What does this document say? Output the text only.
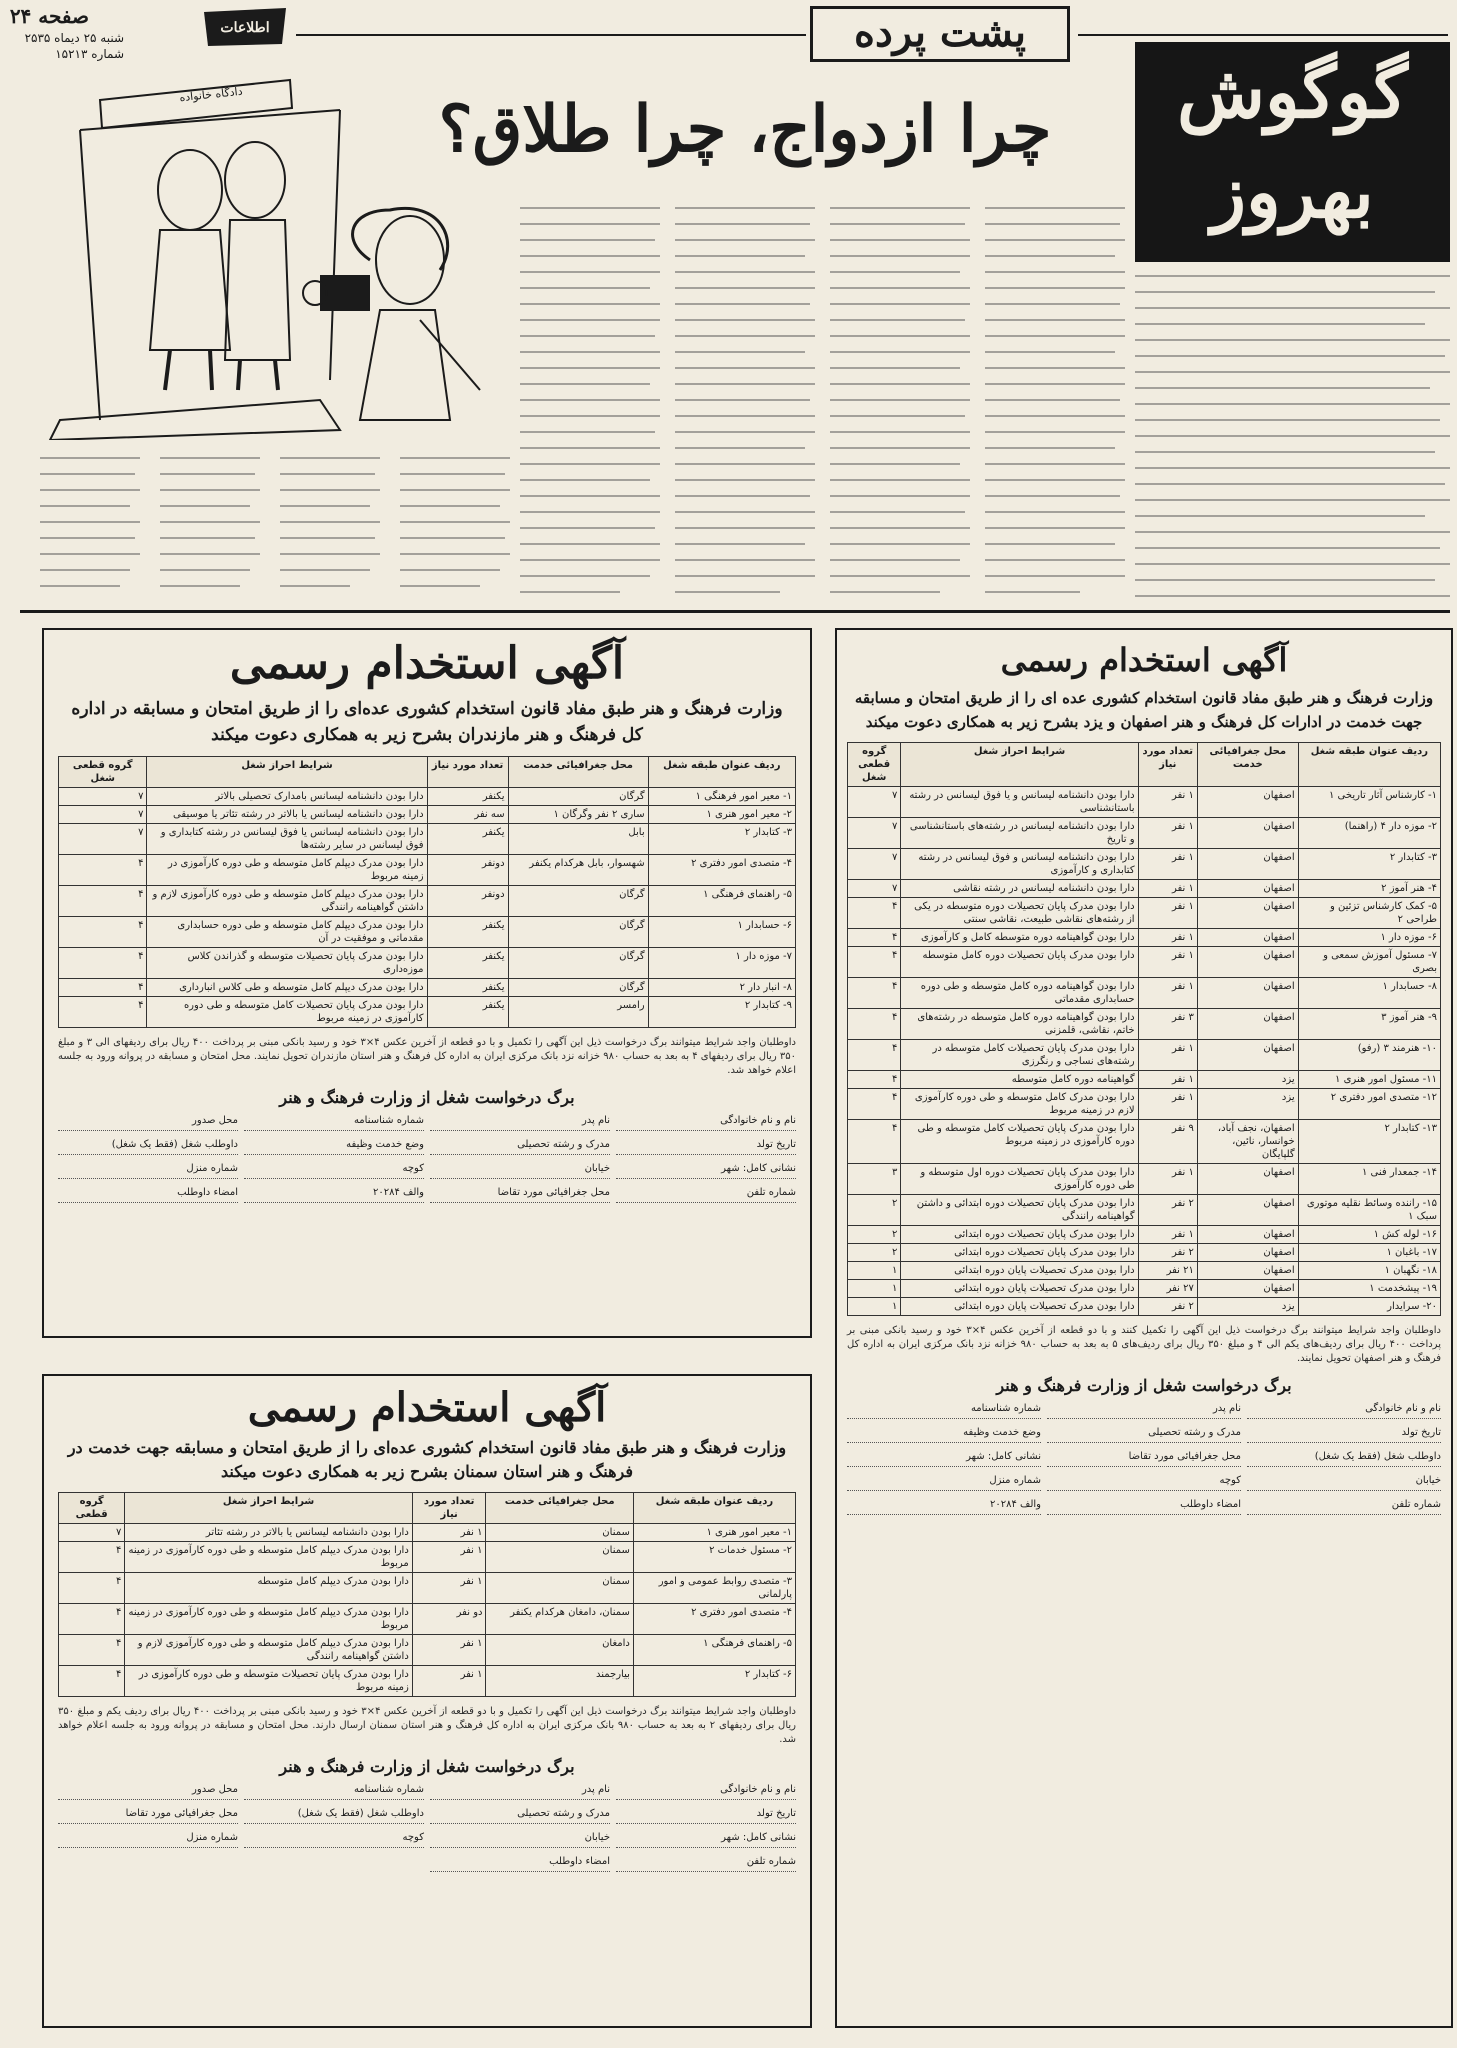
صفحه ۲۴
شنبه ۲۵ دیماه ۲۵۳۵
شماره ۱۵۲۱۳
اطلاعات	پشت پرده
گوگوش
بهروز
چرا ازدواج، چرا طلاق؟
دادگاه خانواده
آگهی استخدام رسمی
وزارت فرهنگ و هنر طبق مفاد قانون استخدام کشوری عده‌ای را از طریق امتحان و مسابقه در اداره کل فرهنگ و هنر مازندران بشرح زیر به همکاری دعوت میکند
ردیف عنوان طبقه شغل	محل جغرافیائی خدمت	تعداد مورد نیاز	شرایط احراز شغل	گروه قطعی شغل
۱- معیر امور فرهنگی ۱	گرگان	یکنفر	دارا بودن دانشنامه لیسانس بامدارک تحصیلی بالاتر	۷
۲- معیر امور هنری ۱	ساری ۲ نفر وگرگان ۱	سه نفر	دارا بودن دانشنامه لیسانس یا بالاتر در رشته تئاتر یا موسیقی	۷
۳- کتابدار ۲	بابل	یکنفر	دارا بودن دانشنامه لیسانس یا فوق لیسانس در رشته کتابداری و فوق لیسانس در سایر رشته‌ها	۷
۴- متصدی امور دفتری ۲	شهسوار، بابل هرکدام یکنفر	دونفر	دارا بودن مدرک دیپلم کامل متوسطه و طی دوره کارآموزی در زمینه مربوط	۴
۵- راهنمای فرهنگی ۱	گرگان	دونفر	دارا بودن مدرک دیپلم کامل متوسطه و طی دوره کارآموزی لازم و داشتن گواهینامه رانندگی	۴
۶- حسابدار ۱	گرگان	یکنفر	دارا بودن مدرک دیپلم کامل متوسطه و طی دوره حسابداری مقدماتی و موفقیت در آن	۴
۷- موزه دار ۱	گرگان	یکنفر	دارا بودن مدرک پایان تحصیلات متوسطه و گذراندن کلاس موزه‌داری	۴
۸- انبار دار ۲	گرگان	یکنفر	دارا بودن مدرک دیپلم کامل متوسطه و طی کلاس انبارداری	۴
۹- کتابدار ۲	رامسر	یکنفر	دارا بودن مدرک پایان تحصیلات کامل متوسطه و طی دوره کارآموزی در زمینه مربوط	۴
داوطلبان واجد شرایط میتوانند برگ درخواست ذیل این آگهی را تکمیل و با دو قطعه از آخرین عکس ۴×۳ خود و رسید بانکی مبنی بر پرداخت ۴۰۰ ریال برای ردیفهای الی ۳ و مبلغ ۳۵۰ ریال برای ردیفهای ۴ به بعد به حساب ۹۸۰ خزانه نزد بانک مرکزی ایران به اداره کل فرهنگ و هنر استان مازندران تحویل نمایند. محل امتحان و مسابقه در پروانه ورود به جلسه اعلام خواهد شد.
برگ درخواست شغل از وزارت فرهنگ و هنر
نام و نام خانوادگی
نام پدر
شماره شناسنامه
محل صدور
تاریخ تولد
مدرک و رشته تحصیلی
وضع خدمت وظیفه
داوطلب شغل (فقط یک شغل)
نشانی کامل: شهر
خیابان
کوچه
شماره منزل
شماره تلفن
محل جغرافیائی مورد تقاضا
والف ۲۰۲۸۴
امضاء داوطلب
آگهی استخدام رسمی
وزارت فرهنگ و هنر طبق مفاد قانون استخدام کشوری عده ای را از طریق امتحان و مسابقه جهت خدمت در ادارات کل فرهنگ و هنر اصفهان و یزد بشرح زیر به همکاری دعوت میکند
ردیف عنوان طبقه شغل	محل جغرافیائی خدمت	تعداد مورد نیاز	شرایط احراز شغل	گروه قطعی شغل
۱- کارشناس آثار تاریخی ۱	اصفهان	۱ نفر	دارا بودن دانشنامه لیسانس و یا فوق لیسانس در رشته باستانشناسی	۷
۲- موزه دار ۴ (راهنما)	اصفهان	۱ نفر	دارا بودن دانشنامه لیسانس در رشته‌های باستانشناسی و تاریخ	۷
۳- کتابدار ۲	اصفهان	۱ نفر	دارا بودن دانشنامه لیسانس و فوق لیسانس در رشته کتابداری و کارآموزی	۷
۴- هنر آموز ۲	اصفهان	۱ نفر	دارا بودن دانشنامه لیسانس در رشته نقاشی	۷
۵- کمک کارشناس تزئین و طراحی ۲	اصفهان	۱ نفر	دارا بودن مدرک پایان تحصیلات دوره متوسطه در یکی از رشته‌های نقاشی طبیعت، نقاشی سنتی	۴
۶- موزه دار ۱	اصفهان	۱ نفر	دارا بودن گواهینامه دوره متوسطه کامل و کارآموزی	۴
۷- مسئول آموزش سمعی و بصری	اصفهان	۱ نفر	دارا بودن مدرک پایان تحصیلات دوره کامل متوسطه	۴
۸- حسابدار ۱	اصفهان	۱ نفر	دارا بودن گواهینامه دوره کامل متوسطه و طی دوره حسابداری مقدماتی	۴
۹- هنر آموز ۳	اصفهان	۳ نفر	دارا بودن گواهینامه دوره کامل متوسطه در رشته‌های خاتم، نقاشی، قلمزنی	۴
۱۰- هنرمند ۳ (رفو)	اصفهان	۱ نفر	دارا بودن مدرک پایان تحصیلات کامل متوسطه در رشته‌های نساجی و رنگرزی	۴
۱۱- مسئول امور هنری ۱	یزد	۱ نفر	گواهینامه دوره کامل متوسطه	۴
۱۲- متصدی امور دفتری ۲	یزد	۱ نفر	دارا بودن مدرک کامل متوسطه و طی دوره کارآموزی لازم در زمینه مربوط	۴
۱۳- کتابدار ۲	اصفهان، نجف آباد، خوانسار، نائین، گلپایگان	۹ نفر	دارا بودن مدرک پایان تحصیلات کامل متوسطه و طی دوره کارآموزی در زمینه مربوط	۴
۱۴- جمعدار فنی ۱	اصفهان	۱ نفر	دارا بودن مدرک پایان تحصیلات دوره اول متوسطه و طی دوره کارآموزی	۳
۱۵- راننده وسائط نقلیه موتوری سبک ۱	اصفهان	۲ نفر	دارا بودن مدرک پایان تحصیلات دوره ابتدائی و داشتن گواهینامه رانندگی	۲
۱۶- لوله کش ۱	اصفهان	۱ نفر	دارا بودن مدرک پایان تحصیلات دوره ابتدائی	۲
۱۷- باغبان ۱	اصفهان	۲ نفر	دارا بودن مدرک پایان تحصیلات دوره ابتدائی	۲
۱۸- نگهبان ۱	اصفهان	۲۱ نفر	دارا بودن مدرک تحصیلات پایان دوره ابتدائی	۱
۱۹- پیشخدمت ۱	اصفهان	۲۷ نفر	دارا بودن مدرک تحصیلات پایان دوره ابتدائی	۱
۲۰- سرایدار	یزد	۲ نفر	دارا بودن مدرک تحصیلات پایان دوره ابتدائی	۱
داوطلبان واجد شرایط میتوانند برگ درخواست ذیل این آگهی را تکمیل کنند و با دو قطعه از آخرین عکس ۴×۳ خود و رسید بانکی مبنی بر پرداخت ۴۰۰ ریال برای ردیف‌های یکم الی ۴ و مبلغ ۳۵۰ ریال برای ردیف‌های ۵ به بعد به حساب ۹۸۰ خزانه نزد بانک مرکزی ایران به اداره کل فرهنگ و هنر اصفهان تحویل نمایند.
برگ درخواست شغل از وزارت فرهنگ و هنر
نام و نام خانوادگی
نام پدر
شماره شناسنامه
تاریخ تولد
مدرک و رشته تحصیلی
وضع خدمت وظیفه
داوطلب شغل (فقط یک شغل)
محل جغرافیائی مورد تقاضا
نشانی کامل: شهر
خیابان
کوچه
شماره منزل
شماره تلفن
امضاء داوطلب
والف ۲۰۲۸۴
آگهی استخدام رسمی
وزارت فرهنگ و هنر طبق مفاد قانون استخدام کشوری عده‌ای را از طریق امتحان و مسابقه جهت خدمت در فرهنگ و هنر استان سمنان بشرح زیر به همکاری دعوت میکند
ردیف عنوان طبقه شغل	محل جغرافیائی خدمت	تعداد مورد نیاز	شرایط احراز شغل	گروه قطعی
۱- معیر امور هنری ۱	سمنان	۱ نفر	دارا بودن دانشنامه لیسانس یا بالاتر در رشته تئاتر	۷
۲- مسئول خدمات ۲	سمنان	۱ نفر	دارا بودن مدرک دیپلم کامل متوسطه و طی دوره کارآموزی در زمینه مربوط	۴
۳- متصدی روابط عمومی و امور پارلمانی	سمنان	۱ نفر	دارا بودن مدرک دیپلم کامل متوسطه	۴
۴- متصدی امور دفتری ۲	سمنان، دامغان هرکدام یکنفر	دو نفر	دارا بودن مدرک دیپلم کامل متوسطه و طی دوره کارآموزی در زمینه مربوط	۴
۵- راهنمای فرهنگی ۱	دامغان	۱ نفر	دارا بودن مدرک دیپلم کامل متوسطه و طی دوره کارآموزی لازم و داشتن گواهینامه رانندگی	۴
۶- کتابدار ۲	بیارجمند	۱ نفر	دارا بودن مدرک پایان تحصیلات متوسطه و طی دوره کارآموزی در زمینه مربوط	۴
داوطلبان واجد شرایط میتوانند برگ درخواست ذیل این آگهی را تکمیل و با دو قطعه از آخرین عکس ۴×۳ خود و رسید بانکی مبنی بر پرداخت ۴۰۰ ریال برای ردیف یکم و مبلغ ۳۵۰ ریال برای ردیفهای ۲ به بعد به حساب ۹۸۰ بانک مرکزی ایران به اداره کل فرهنگ و هنر استان سمنان ارسال دارند. محل امتحان و مسابقه در پروانه ورود به جلسه اعلام خواهد شد.
برگ درخواست شغل از وزارت فرهنگ و هنر
نام و نام خانوادگی
نام پدر
شماره شناسنامه
محل صدور
تاریخ تولد
مدرک و رشته تحصیلی
داوطلب شغل (فقط یک شغل)
محل جغرافیائی مورد تقاضا
نشانی کامل: شهر
خیابان
کوچه
شماره منزل
شماره تلفن
امضاء داوطلب
